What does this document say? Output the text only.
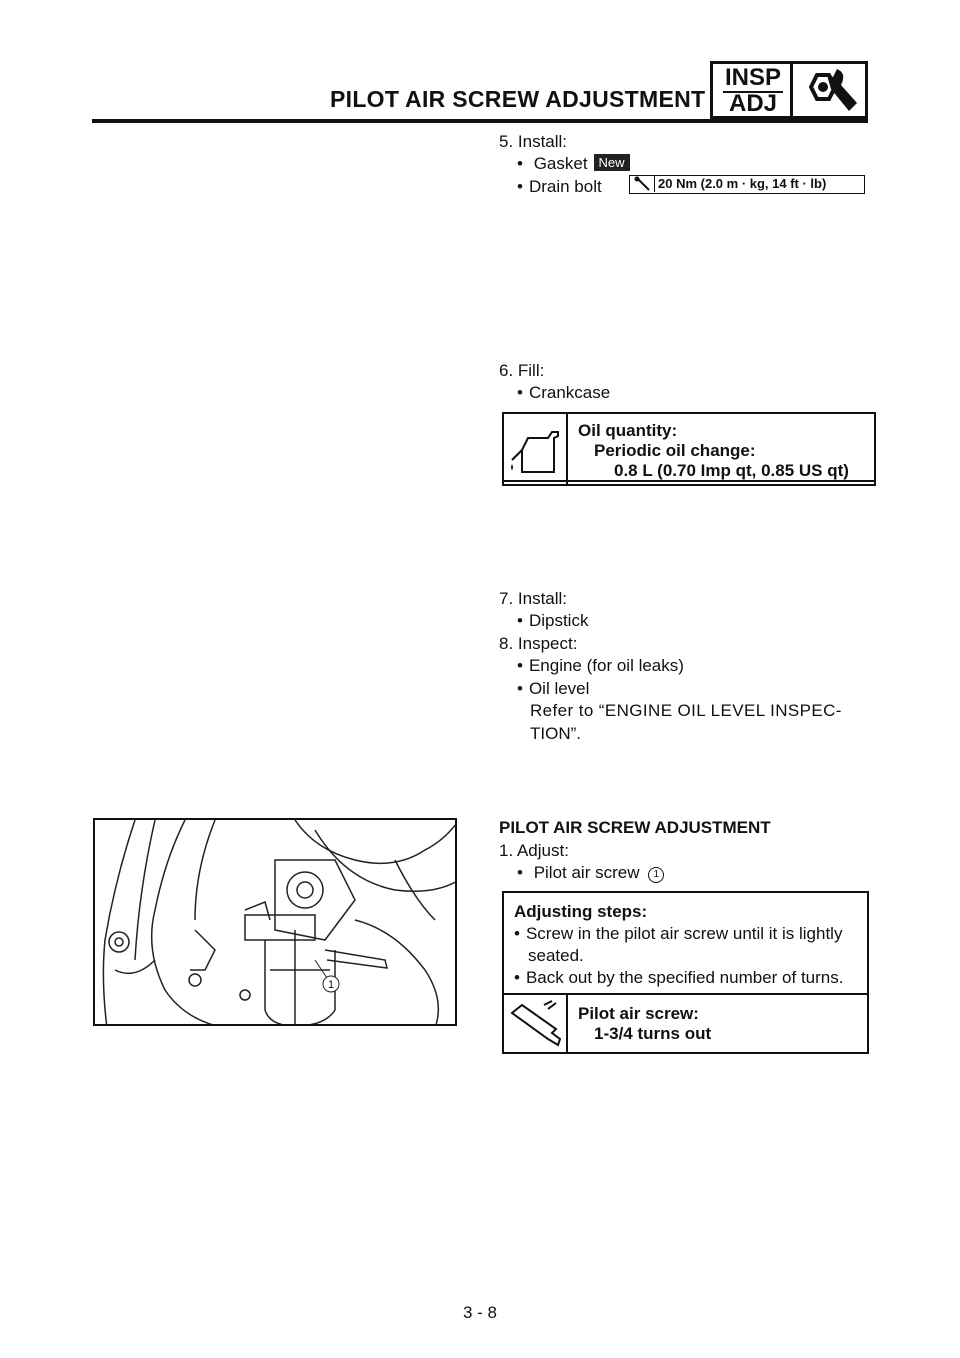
PILOT AIR SCREW ADJUSTMENT
INSP
ADJ
5. Install:
• Gasket New
• Drain bolt	20 Nm (2.0 m · kg, 14 ft · lb)
6. Fill:
• Crankcase
Oil quantity:
Periodic oil change:
0.8 L (0.70 Imp qt, 0.85 US qt)
7. Install:
• Dipstick
8. Inspect:
• Engine (for oil leaks)
• Oil level
Refer to “ENGINE OIL LEVEL INSPEC-
TION”.
PILOT AIR SCREW ADJUSTMENT
1. Adjust:
• Pilot air screw 1
Adjusting steps:
• Screw in the pilot air screw until it is lightly
seated.
• Back out by the specified number of turns.
Pilot air screw:
1-3/4 turns out
1
3 - 8
